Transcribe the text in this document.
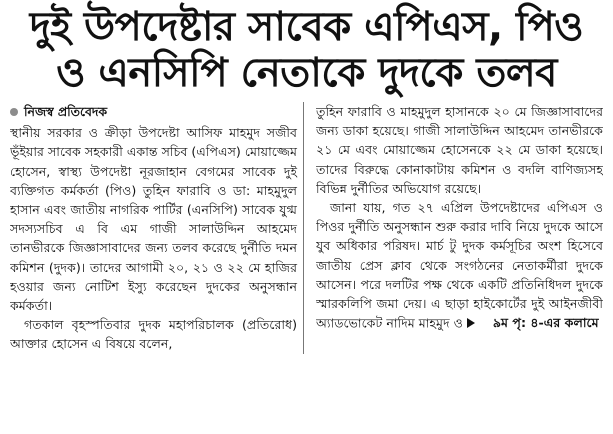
দুই উপদেষ্টার সাবেক এপিএস, পিও
ও এনসিপি নেতাকে দুদকে তলব
নিজস্ব প্রতিবেদক

স্থানীয় সরকার ও ক্রীড়া উপদেষ্টা আসিফ মাহমুদ সজীব ভূঁইয়ার সাবেক সহকারী একান্ত সচিব (এপিএস) মোয়াজ্জেম হোসেন, স্বাস্থ্য উপদেষ্টা নূরজাহান বেগমের সাবেক দুই ব্যক্তিগত কর্মকর্তা (পিও) তুহিন ফারাবি ও ডা: মাহমুদুল হাসান এবং জাতীয় নাগরিক পার্টির (এনসিপি) সাবেক যুগ্ম সদস্যসচিব এ বি এম গাজী সালাউদ্দিন আহমেদ তানভীরকে জিজ্ঞাসাবাদের জন্য তলব করেছে দুর্নীতি দমন কমিশন (দুদক)। তাদের আগামী ২০, ২১ ও ২২ মে হাজির হওয়ার জন্য নোটিশ ইস্যু করেছেন দুদকের অনুসন্ধান কর্মকর্তা।

গতকাল বৃহস্পতিবার দুদক মহাপরিচালক (প্রতিরোধ) আক্তার হোসেন এ বিষয়ে বলেন,

তুহিন ফারাবি ও মাহমুদুল হাসানকে ২০ মে জিজ্ঞাসাবাদের জন্য ডাকা হয়েছে। গাজী সালাউদ্দিন আহমেদ তানভীরকে ২১ মে এবং মোয়াজ্জেম হোসেনকে ২২ মে ডাকা হয়েছে। তাদের বিরুদ্ধে কোনাকাটায় কমিশন ও বদলি বাণিজ্যসহ বিভিন্ন দুর্নীতির অভিযোগ রয়েছে।

জানা যায়, গত ২৭ এপ্রিল উপদেষ্টাদের এপিএস ও পিওর দুর্নীতি অনুসন্ধান শুরু করার দাবি নিয়ে দুদকে আসে যুব অধিকার পরিষদ। মার্চ টু দুদক কর্মসূচির অংশ হিসেবে জাতীয় প্রেস ক্লাব থেকে সংগঠনের নেতাকর্মীরা দুদকে আসেন। পরে দলটির পক্ষ থেকে একটি প্রতিনিধিদল দুদকে স্মারকলিপি জমা দেয়। এ ছাড়া হাইকোর্টের দুই আইনজীবী অ্যাডভোকেট নাদিম মাহমুদ ও	৯ম পৃ: ৪-এর কলামে
